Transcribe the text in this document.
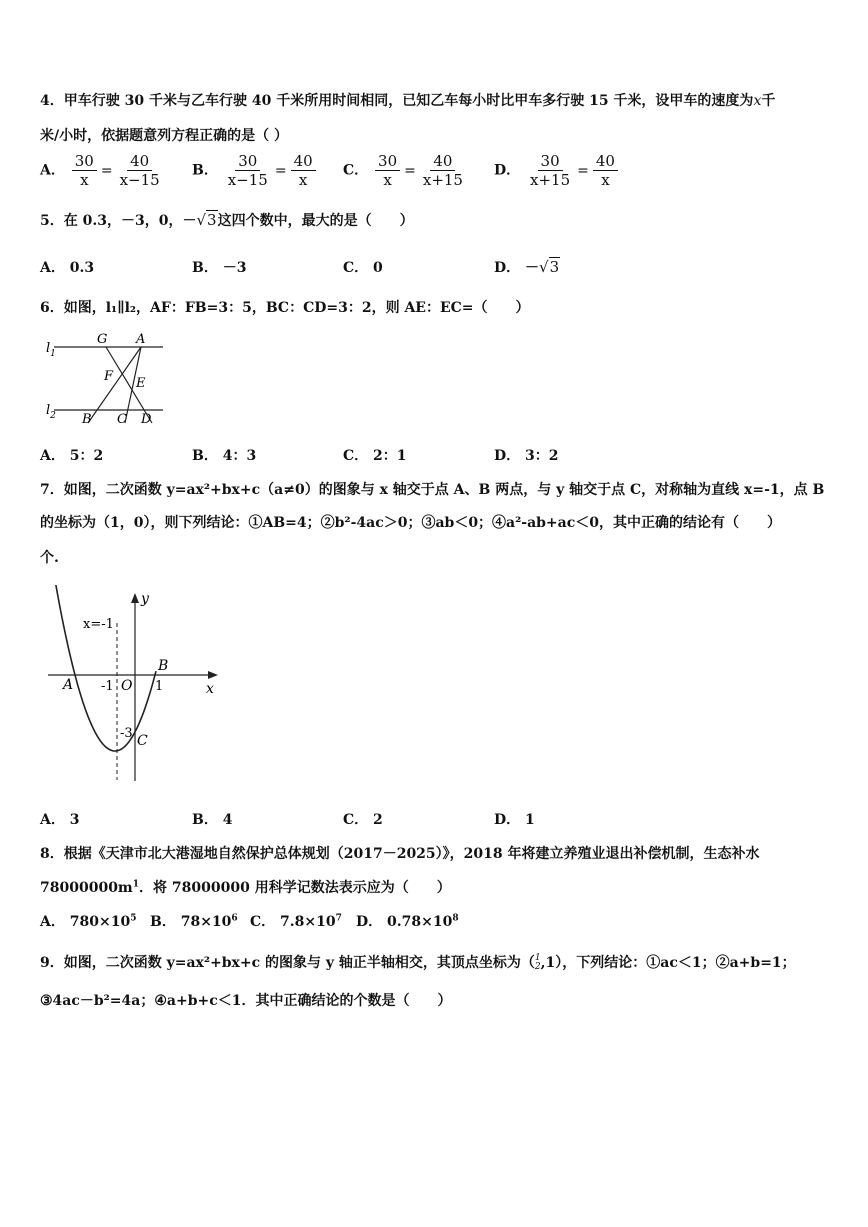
4．甲车行驶 30 千米与乙车行驶 40 千米所用时间相同，已知乙车每小时比甲车多行驶 15 千米，设甲车的速度为x千
米/小时，依据题意列方程正确的是（ ）
A． $\frac{30}{x} = \frac{40}{x-15}$ B． $\frac{30}{x-15} = \frac{40}{x}$ C． $\frac{30}{x} = \frac{40}{x+15}$ D． $\frac{30}{x+15} = \frac{40}{x}$
5．在 0.3，－3，0，－√3这四个数中，最大的是（　　）
A． 0.3	B． －3	C． 0	D． －√3
6．如图，l₁∥l₂，AF：FB=3：5，BC：CD=3：2，则 AE：EC=（　　）
$l_1$
$l_2$
G A
F E
B C D
A． 5：2	B． 4：3	C． 2：1	D． 3：2
7．如图，二次函数 y=ax²+bx+c（a≠0）的图象与 x 轴交于点 A、B 两点，与 y 轴交于点 C，对称轴为直线 x=-1，点 B
的坐标为（1，0），则下列结论：①AB=4；②b²-4ac＞0；③ab＜0；④a²-ab+ac＜0，其中正确的结论有（　　）
个.
y
x
x=-1
A
B
C
O
-1	1
-3
A． 3	B． 4	C． 2	D． 1
8．根据《天津市北大港湿地自然保护总体规划（2017－2025）》，2018 年将建立养殖业退出补偿机制，生态补水
$78000000m^1$．将 78000000 用科学记数法表示应为（　　）
A． $780\times 10^5$ B． $78\times 10^6$ C． $7.8\times 10^7$ D． $0.78\times 10^8$
9．如图，二次函数 y=ax²+bx+c 的图象与 y 轴正半轴相交，其顶点坐标为（ 1
2 ,1），下列结论：①ac＜1；②a+b=1；
③4ac－b²=4a；④a+b+c＜1．其中正确结论的个数是（　　）
